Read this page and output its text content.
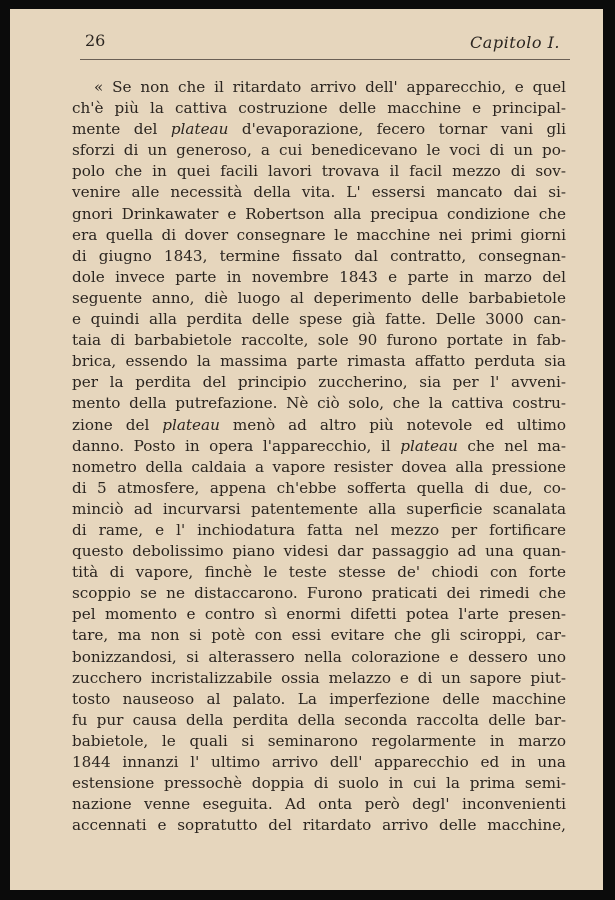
26	Capitolo I.
« Se non che il ritardato arrivo dell' apparecchio, e quel
ch'è più la cattiva costruzione delle macchine e principal-
mente del plateau d'evaporazione, fecero tornar vani gli
sforzi di un generoso, a cui benedicevano le voci di un po-
polo che in quei facili lavori trovava il facil mezzo di sov-
venire alle necessità della vita. L' essersi mancato dai si-
gnori Drinkawater e Robertson alla precipua condizione che
era quella di dover consegnare le macchine nei primi giorni
di giugno 1843, termine fissato dal contratto, consegnan-
dole invece parte in novembre 1843 e parte in marzo del
seguente anno, diè luogo al deperimento delle barbabietole
e quindi alla perdita delle spese già fatte. Delle 3000 can-
taia di barbabietole raccolte, sole 90 furono portate in fab-
brica, essendo la massima parte rimasta affatto perduta sia
per la perdita del principio zuccherino, sia per l' avveni-
mento della putrefazione. Nè ciò solo, che la cattiva costru-
zione del plateau menò ad altro più notevole ed ultimo
danno. Posto in opera l'apparecchio, il plateau che nel ma-
nometro della caldaia a vapore resister dovea alla pressione
di 5 atmosfere, appena ch'ebbe sofferta quella di due, co-
minciò ad incurvarsi patentemente alla superficie scanalata
di rame, e l' inchiodatura fatta nel mezzo per fortificare
questo debolissimo piano videsi dar passaggio ad una quan-
tità di vapore, finchè le teste stesse de' chiodi con forte
scoppio se ne distaccarono. Furono praticati dei rimedi che
pel momento e contro sì enormi difetti potea l'arte presen-
tare, ma non si potè con essi evitare che gli sciroppi, car-
bonizzandosi, si alterassero nella colorazione e dessero uno
zucchero incristalizzabile ossia melazzo e di un sapore piut-
tosto nauseoso al palato. La imperfezione delle macchine
fu pur causa della perdita della seconda raccolta delle bar-
babietole, le quali si seminarono regolarmente in marzo
1844 innanzi l' ultimo arrivo dell' apparecchio ed in una
estensione pressochè doppia di suolo in cui la prima semi-
nazione venne eseguita. Ad onta però degl' inconvenienti
accennati e sopratutto del ritardato arrivo delle macchine,
